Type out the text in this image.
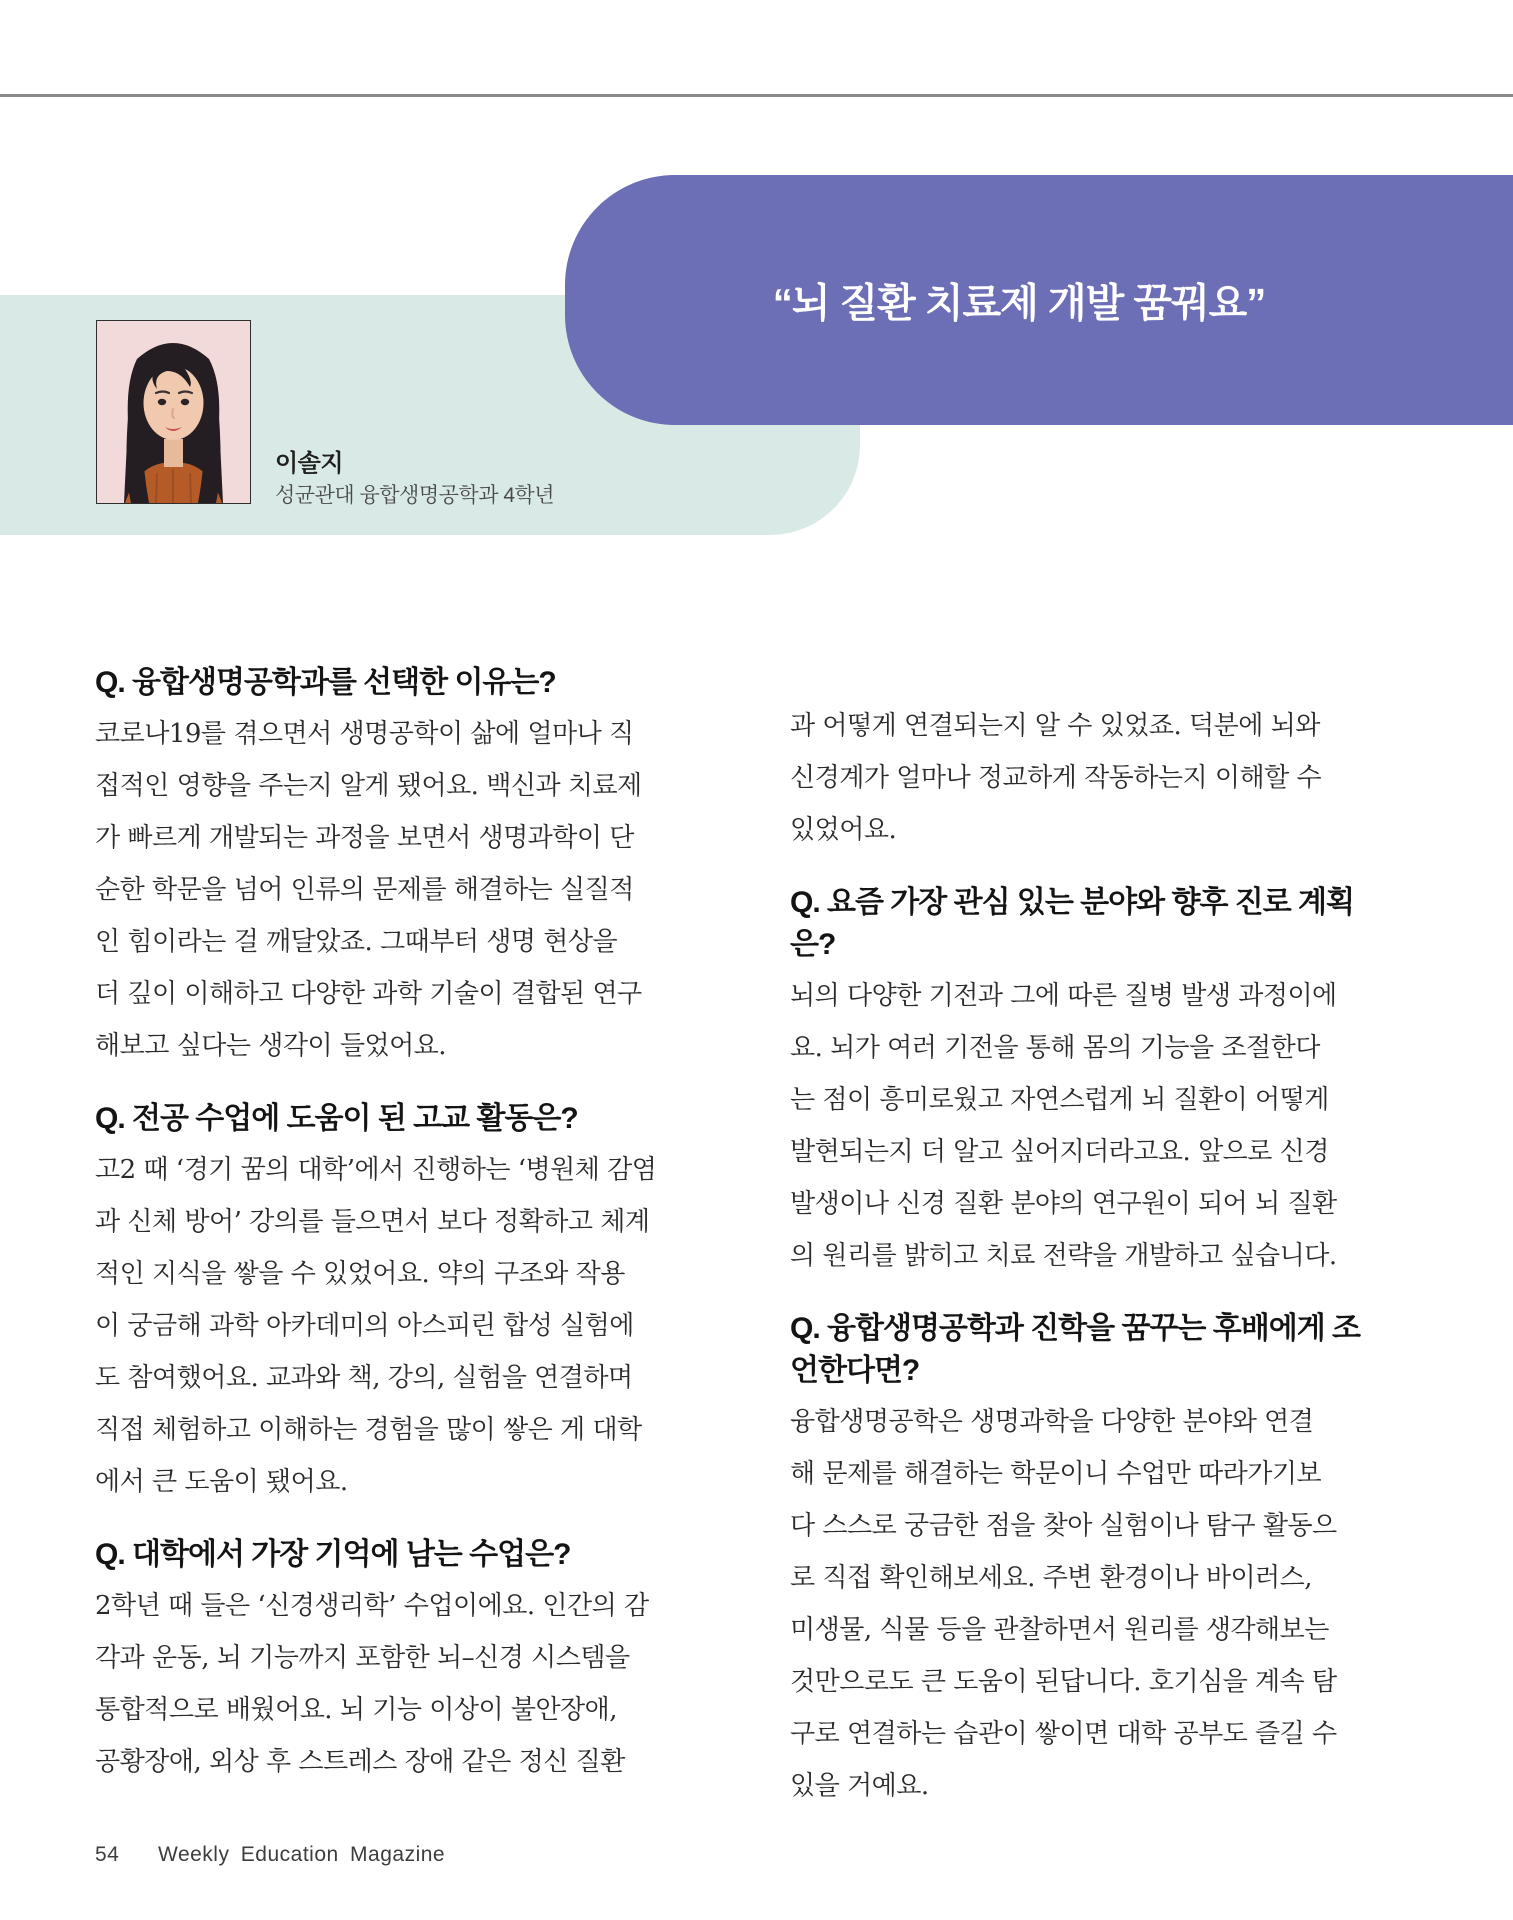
“뇌 질환 치료제 개발 꿈꿔요”
이솔지
성균관대 융합생명공학과 4학년
Q. 융합생명공학과를 선택한 이유는?
코로나19를 겪으면서 생명공학이 삶에 얼마나 직
접적인 영향을 주는지 알게 됐어요. 백신과 치료제
가 빠르게 개발되는 과정을 보면서 생명과학이 단
순한 학문을 넘어 인류의 문제를 해결하는 실질적
인 힘이라는 걸 깨달았죠. 그때부터 생명 현상을
더 깊이 이해하고 다양한 과학 기술이 결합된 연구
해보고 싶다는 생각이 들었어요.
Q. 전공 수업에 도움이 된 고교 활동은?
고2 때 ‘경기 꿈의 대학’에서 진행하는 ‘병원체 감염
과 신체 방어’ 강의를 들으면서 보다 정확하고 체계
적인 지식을 쌓을 수 있었어요. 약의 구조와 작용
이 궁금해 과학 아카데미의 아스피린 합성 실험에
도 참여했어요. 교과와 책, 강의, 실험을 연결하며
직접 체험하고 이해하는 경험을 많이 쌓은 게 대학
에서 큰 도움이 됐어요.
Q. 대학에서 가장 기억에 남는 수업은?
2학년 때 들은 ‘신경생리학’ 수업이에요. 인간의 감
각과 운동, 뇌 기능까지 포함한 뇌–신경 시스템을
통합적으로 배웠어요. 뇌 기능 이상이 불안장애,
공황장애, 외상 후 스트레스 장애 같은 정신 질환
과 어떻게 연결되는지 알 수 있었죠. 덕분에 뇌와
신경계가 얼마나 정교하게 작동하는지 이해할 수
있었어요.
Q. 요즘 가장 관심 있는 분야와 향후 진로 계획
은?
뇌의 다양한 기전과 그에 따른 질병 발생 과정이에
요. 뇌가 여러 기전을 통해 몸의 기능을 조절한다
는 점이 흥미로웠고 자연스럽게 뇌 질환이 어떻게
발현되는지 더 알고 싶어지더라고요. 앞으로 신경
발생이나 신경 질환 분야의 연구원이 되어 뇌 질환
의 원리를 밝히고 치료 전략을 개발하고 싶습니다.
Q. 융합생명공학과 진학을 꿈꾸는 후배에게 조
언한다면?
융합생명공학은 생명과학을 다양한 분야와 연결
해 문제를 해결하는 학문이니 수업만 따라가기보
다 스스로 궁금한 점을 찾아 실험이나 탐구 활동으
로 직접 확인해보세요. 주변 환경이나 바이러스,
미생물, 식물 등을 관찰하면서 원리를 생각해보는
것만으로도 큰 도움이 된답니다. 호기심을 계속 탐
구로 연결하는 습관이 쌓이면 대학 공부도 즐길 수
있을 거예요.
54	Weekly Education Magazine
